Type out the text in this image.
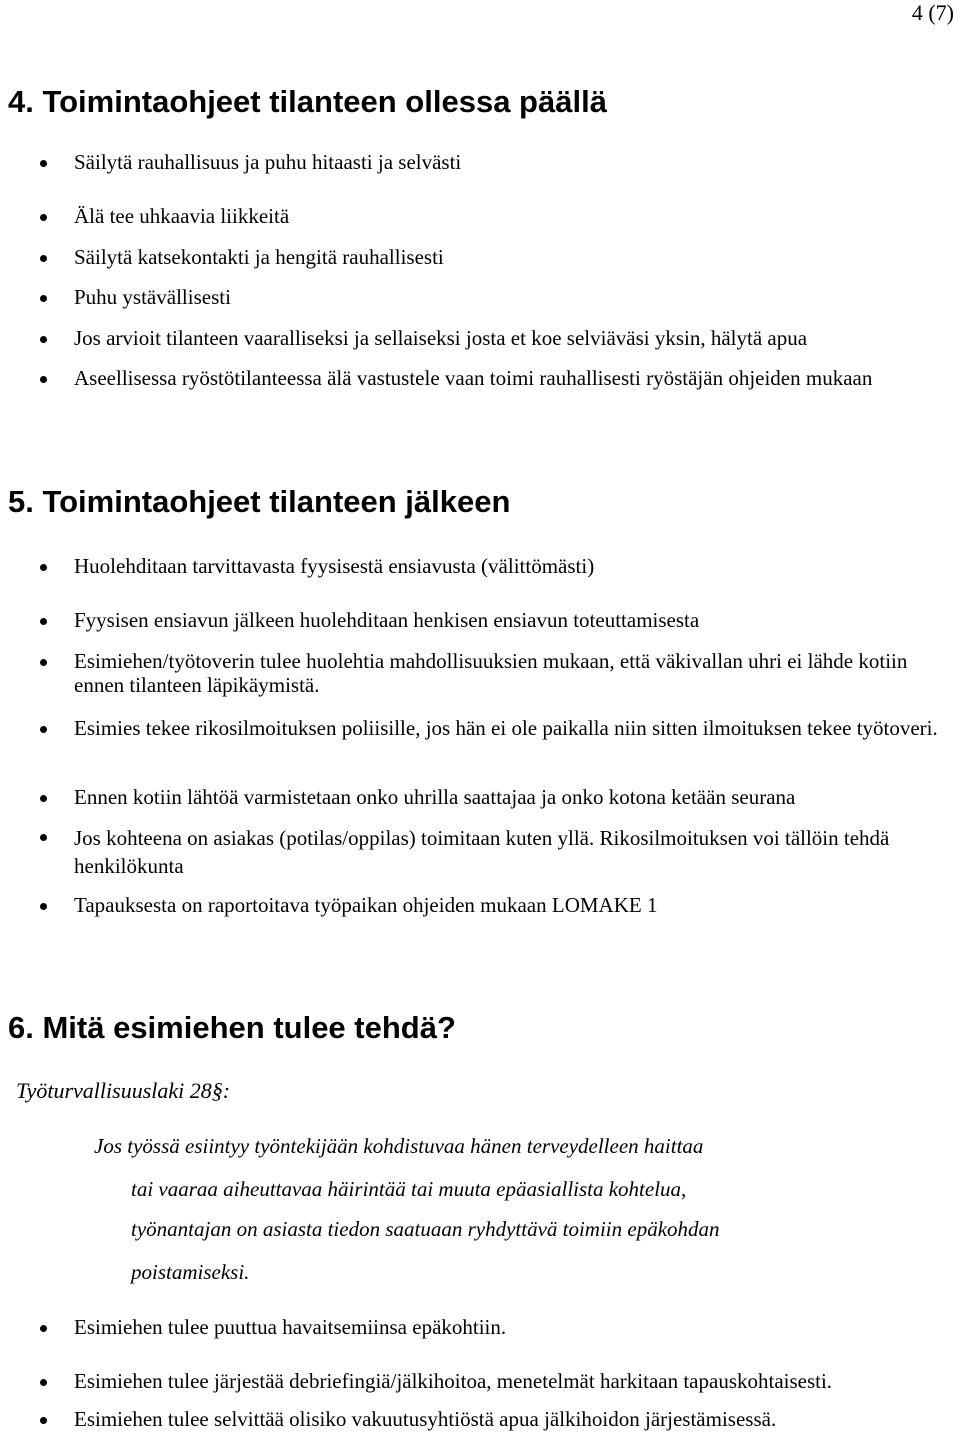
4 (7)
4. Toimintaohjeet tilanteen ollessa päällä
Säilytä rauhallisuus ja puhu hitaasti ja selvästi
Älä tee uhkaavia liikkeitä
Säilytä katsekontakti ja hengitä rauhallisesti
Puhu ystävällisesti
Jos arvioit tilanteen vaaralliseksi ja sellaiseksi josta et koe selviäväsi yksin, hälytä apua
Aseellisessa ryöstötilanteessa älä vastustele vaan toimi rauhallisesti ryöstäjän ohjeiden mukaan
5. Toimintaohjeet tilanteen jälkeen
Huolehditaan tarvittavasta fyysisestä ensiavusta (välittömästi)
Fyysisen ensiavun jälkeen huolehditaan henkisen ensiavun toteuttamisesta
Esimiehen/työtoverin tulee huolehtia mahdollisuuksien mukaan, että väkivallan uhri ei lähde kotiin ennen tilanteen läpikäymistä.
Esimies tekee rikosilmoituksen poliisille, jos hän ei ole paikalla niin sitten ilmoituksen tekee työtoveri.
Ennen kotiin lähtöä varmistetaan onko uhrilla saattajaa ja onko kotona ketään seurana
Jos kohteena on asiakas (potilas/oppilas) toimitaan kuten yllä. Rikosilmoituksen voi tällöin tehdä henkilökunta
Tapauksesta on raportoitava työpaikan ohjeiden mukaan LOMAKE 1
6. Mitä esimiehen tulee tehdä?
Työturvallisuuslaki 28§:
Jos työssä esiintyy työntekijään kohdistuvaa hänen terveydelleen haittaa
tai vaaraa aiheuttavaa häirintää tai muuta epäasiallista kohtelua,
työnantajan on asiasta tiedon saatuaan ryhdyttävä toimiin epäkohdan
poistamiseksi.
Esimiehen tulee puuttua havaitsemiinsa epäkohtiin.
Esimiehen tulee järjestää debriefingiä/jälkihoitoa, menetelmät harkitaan tapauskohtaisesti.
Esimiehen tulee selvittää olisiko vakuutusyhtiöstä apua jälkihoidon järjestämisessä.
